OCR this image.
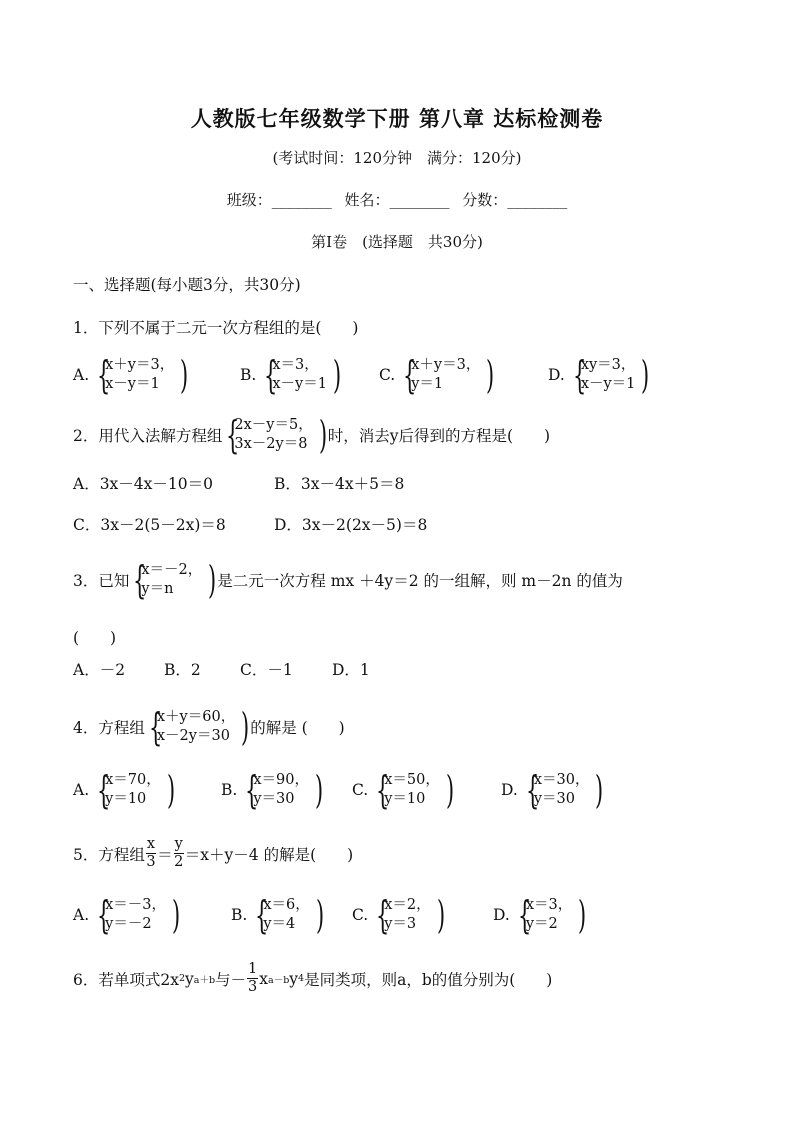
人教版七年级数学下册 第八章 达标检测卷
(考试时间：120分钟　满分：120分)
班级：________ 姓名：________ 分数：________
第Ⅰ卷　(选择题　共30分)
一、选择题(每小题3分，共30分)
1．下列不属于二元一次方程组的是(　　)
A. {
x＋y＝3，
x－y＝1 )	B. {
x＝3，
x－y＝1 ) C. {
x＋y＝3，
y＝1	)	D. {
xy＝3，
x－y＝1 )
2．用代入法解方程组 {
2x－y＝5，
3x－2y＝8 ) 时，消去y后得到的方程是(　　)
A．3x－4x－10＝0	B．3x－4x＋5＝8
C．3x－2(5－2x)＝8	D．3x－2(2x－5)＝8
3．已知 {
x＝－2，
y＝n ) 是二元一次方程 mx ＋4y＝2 的一组解，则 m－2n 的值为
(　　)
A．－2	B．2	C．－1	D．1
4．方程组 {
x＋y＝60，
x－2y＝30 ) 的解是 (　　)
A. {
x＝70，
y＝10 )	B. {
x＝90，
y＝30 ) C. {
x＝50，
y＝10 )	D. {
x＝30，
y＝30 )
5．方程组 $\frac{x}{3} = \frac{y}{2} =x+y-4$ 的解是(　　)
A. {
x＝－3，
y＝－2 )	B. {
x＝6，
y＝4 ) C. {
x＝2，
y＝3 )	D. {
x＝3，
y＝2 )
6．若单项式2x 2 y a＋b 与－ $\frac{1}{3}$ x a－b y 4 是同类项，则a，b的值分别为(　　)
